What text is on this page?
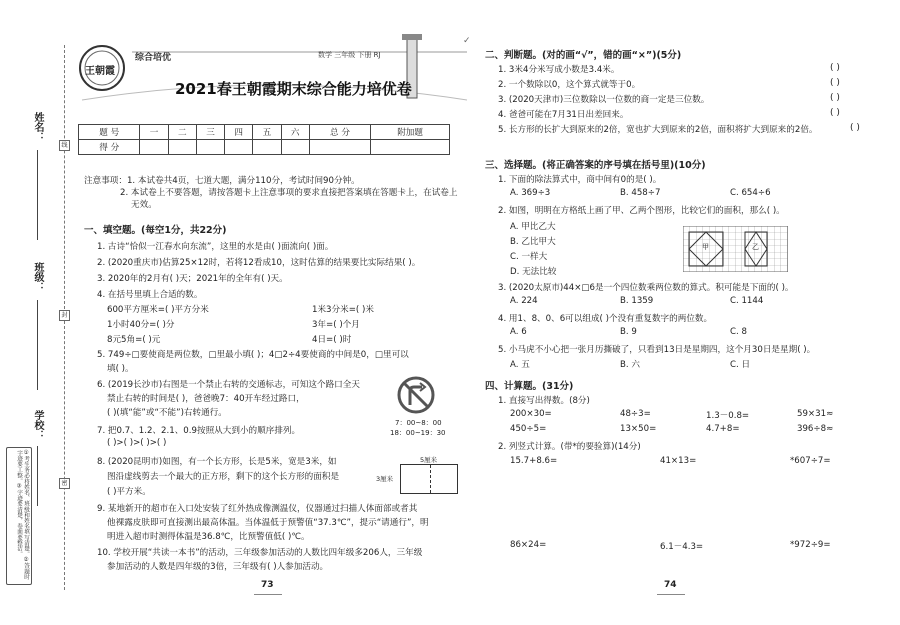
姓名：
班级：
学校：
线
封
密
①考生务必将姓名、班级和姓名填写清楚。②答题时字迹要工整。③字迹要清楚，卷面要整洁。
王朝霞
综合培优	数学 三年级 下册 RJ
2021春王朝霞期末综合能力培优卷
✓
题 号	一	二	三	四	五	六	总 分	附加题
得 分								
注意事项：1. 本试卷共4页，七道大题，满分110分，考试时间90分钟。
2. 本试卷上不要答题，请按答题卡上注意事项的要求直接把答案填在答题卡上，在试卷上
无效。
一、填空题。(每空1分，共22分)
1. 古诗“恰似一江春水向东流”，这里的水是由( )面流向( )面。
2. (2020重庆市)估算25×12时，若将12看成10，这时估算的结果要比实际结果( )。
3. 2020年的2月有( )天；2021年的全年有( )天。
4. 在括号里填上合适的数。
600平方厘米=( )平方分米	1米3分米=( )米
1小时40分=( )分	3年=( )个月
8元5角=( )元	4日=( )时
5. 749÷□要使商是两位数，□里最小填( )；4□2÷4要使商的中间是0，□里可以
填( )。
6. (2019长沙市)右图是一个禁止右转的交通标志，可知这个路口全天
禁止右转的时间是( )，爸爸晚7：40开车经过路口，
( )(填“能”或“不能”)右转通行。
7：00~8：00
18：00~19：30
7. 把0.7、1.2、2.1、0.9按照从大到小的顺序排列。
( )>( )>( )>( )
8. (2020昆明市)如图，有一个长方形，长是5米，宽是3米，如
图沿虚线剪去一个最大的正方形，剩下的这个长方形的面积是
( )平方米。
5厘米
3厘米
9. 某地新开的超市在入口处安装了红外热成像测温仪，仪器通过扫描人体面部或者其
他裸露皮肤即可直接测出最高体温。当体温低于预警值“37.3℃”，提示“请通行”，明
明进入超市时测得体温是36.8℃，比预警值低( )℃。
10. 学校开展“共读一本书”的活动，三年级参加活动的人数比四年级多206人，三年级
参加活动的人数是四年级的3倍，三年级有( )人参加活动。
73
二、判断题。(对的画“√”，错的画“×”)(5分)
1. 3米4分米写成小数是3.4米。
2. 一个数除以0，这个算式就等于0。
3. (2020天津市)三位数除以一位数的商一定是三位数。
4. 爸爸可能在7月31日出差回来。
5. 长方形的长扩大到原来的2倍，宽也扩大到原来的2倍，面积将扩大到原来的2倍。
( )
( )
( )
( )
( )
三、选择题。(将正确答案的序号填在括号里)(10分)
1. 下面的除法算式中，商中间有0的是( )。
A. 369÷3	B. 458÷7	C. 654÷6
2. 如图，明明在方格纸上画了甲、乙两个图形，比较它们的面积，那么( )。
A. 甲比乙大
B. 乙比甲大
C. 一样大
D. 无法比较
甲	乙
3. (2020太原市)44×□6是一个四位数乘两位数的算式。积可能是下面的( )。
A. 224	B. 1359	C. 1144
4. 用1、8、0、6可以组成( )个没有重复数字的两位数。
A. 6	B. 9	C. 8
5. 小马虎不小心把一张月历撕破了，只看到13日是星期四，这个月30日是星期( )。
A. 五	B. 六	C. 日
四、计算题。(31分)
1. 直接写出得数。(8分)
200×30=	48÷3=	1.3－0.8=	59×31≈
450÷5=	13×50=	4.7+8=	396÷8≈
2. 列竖式计算。(带*的要验算)(14分)
15.7+8.6=	41×13=	*607÷7=
86×24=	6.1－4.3=	*972÷9=
74
